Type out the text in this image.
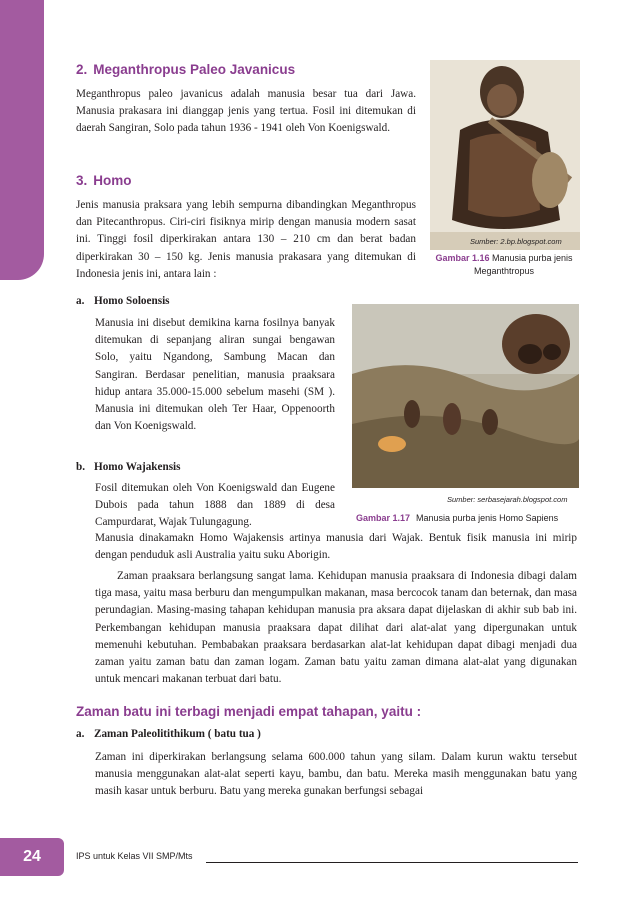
2. Meganthropus Paleo Javanicus

Meganthropus paleo javanicus adalah manusia besar tua dari Jawa. Manusia prakasara ini dianggap jenis yang tertua. Fosil ini ditemukan di daerah Sangiran, Solo pada tahun 1936 - 1941 oleh Von Koenigswald.

Sumber: 2.bp.blogspot.com
Gambar 1.16 Manusia purba jenis Meganthtropus
3. Homo

Jenis manusia praksara yang lebih sempurna dibandingkan Meganthropus dan Pitecanthropus. Ciri-ciri fisiknya mirip dengan manusia modern sasat ini. Tinggi fosil diperkirakan antara 130 – 210 cm dan berat badan diperkirakan 30 – 150 kg. Jenis manusia prakasara yang ditemukan di Indonesia jenis ini, antara lain :

a. Homo Soloensis

Manusia ini disebut demikina karna fosilnya banyak ditemukan di sepanjang aliran sungai bengawan Solo, yaitu Ngandong, Sambung Macan dan Sangiran. Berdasar penelitian, manusia praaksara hidup antara 35.000-15.000 sebelum masehi (SM ). Manusia ini ditemukan oleh Ter Haar, Oppenoorth dan Von Koenigswald.

Sumber: serbasejarah.blogspot.com
Gambar 1.17 Manusia purba jenis Homo Sapiens
b. Homo Wajakensis

Fosil ditemukan oleh Von Koenigswald dan Eugene Dubois pada tahun 1888 dan 1889 di desa Campurdarat, Wajak Tulungagung.

Manusia dinakamakn Homo Wajakensis artinya manusia dari Wajak. Bentuk fisik manusia ini mirip dengan penduduk asli Australia yaitu suku Aborigin.

Zaman praaksara berlangsung sangat lama. Kehidupan manusia praaksara di Indonesia dibagi dalam tiga masa, yaitu masa berburu dan mengumpulkan makanan, masa bercocok tanam dan beternak, dan masa perundagian. Masing-masing tahapan kehidupan manusia pra aksara dapat dijelaskan di akhir sub bab ini. Perkembangan kehidupan manusia praaksara dapat dilihat dari alat-alat yang dipergunakan untuk memenuhi kebutuhan. Pembabakan praaksara berdasarkan alat-lat kehidupan dapat dibagi menjadi dua zaman yaitu zaman batu dan zaman logam. Zaman batu yaitu zaman dimana alat-alat yang digunakan untuk mencari makanan terbuat dari batu.

Zaman batu ini terbagi menjadi empat tahapan, yaitu :
a. Zaman Paleolitithikum ( batu tua )

Zaman ini diperkirakan berlangsung selama 600.000 tahun yang silam. Dalam kurun waktu tersebut manusia menggunakan alat-alat seperti kayu, bambu, dan batu. Mereka masih menggunakan batu yang masih kasar untuk berburu. Batu yang mereka gunakan berfungsi sebagai

24	IPS untuk Kelas VII SMP/Mts
